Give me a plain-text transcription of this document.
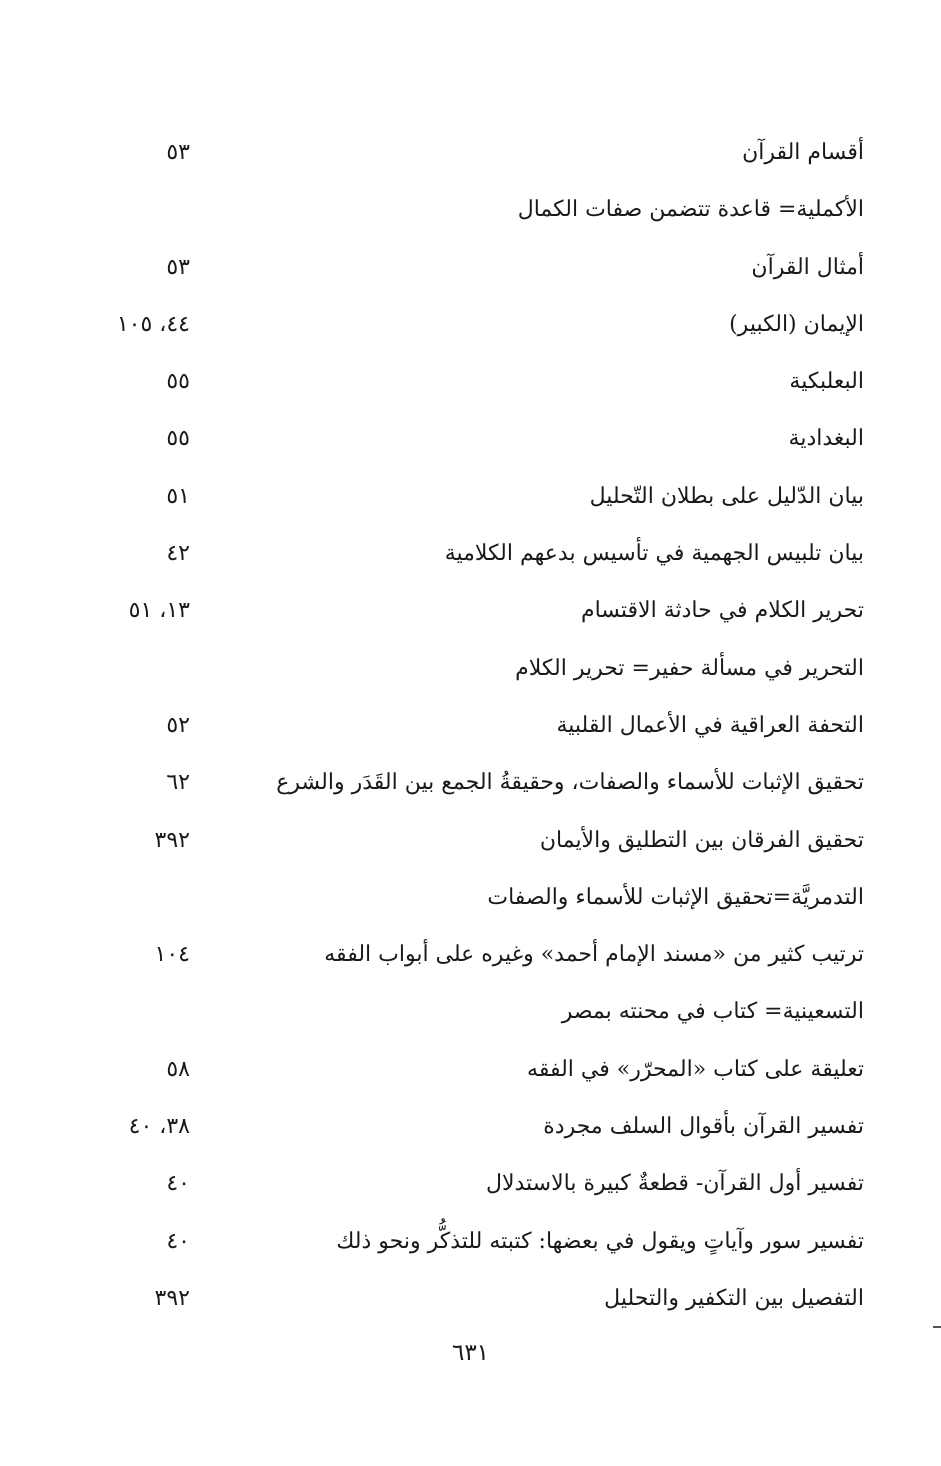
أقسام القرآن
٥٣
الأكملية= قاعدة تتضمن صفات الكمال
أمثال القرآن
٥٣
الإيمان (الكبير)
٤٤، ١٠٥
البعلبكية
٥٥
البغدادية
٥٥
بيان الدّليل على بطلان التّحليل
٥١
بيان تلبيس الجهمية في تأسيس بدعهم الكلامية
٤٢
تحرير الكلام في حادثة الاقتسام
١٣، ٥١
التحرير في مسألة حفير= تحرير الكلام
التحفة العراقية في الأعمال القلبية
٥٢
تحقيق الإثبات للأسماء والصفات، وحقيقةُ الجمع بين القَدَر والشرع
٦٢
تحقيق الفرقان بين التطليق والأيمان
٣٩٢
التدمريَّة=تحقيق الإثبات للأسماء والصفات
ترتيب كثير من «مسند الإمام أحمد» وغيره على أبواب الفقه
١٠٤
التسعينية= كتاب في محنته بمصر
تعليقة على كتاب «المحرّر» في الفقه
٥٨
تفسير القرآن بأقوال السلف مجردة
٣٨، ٤٠
تفسير أول القرآن- قطعةٌ كبيرة بالاستدلال
٤٠
تفسير سور وآياتٍ ويقول في بعضها: كتبته للتذكُّر ونحو ذلك
٤٠
التفصيل بين التكفير والتحليل
٣٩٢
٦٣١
